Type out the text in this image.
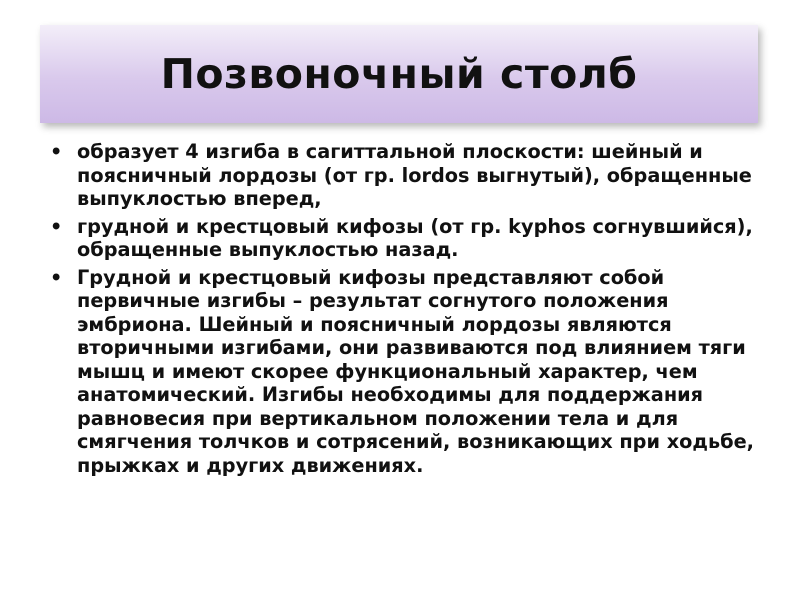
Позвоночный столб
• образует 4 изгиба в сагиттальной плоскости: шейный и поясничный лордозы (от гр. lordos выгнутый), обращенные выпуклостью вперед,
• грудной и крестцовый кифозы (от гр. kyphos согнувшийся), обращенные выпуклостью назад.
• Грудной и крестцовый кифозы представляют собой первичные изгибы – результат согнутого положения эмбриона. Шейный и поясничный лордозы являются вторичными изгибами, они развиваются под влиянием тяги мышц и имеют скорее функциональный характер, чем анатомический. Изгибы необходимы для поддержания равновесия при вертикальном положении тела и для смягчения толчков и сотрясений, возникающих при ходьбе, прыжках и других движениях.
